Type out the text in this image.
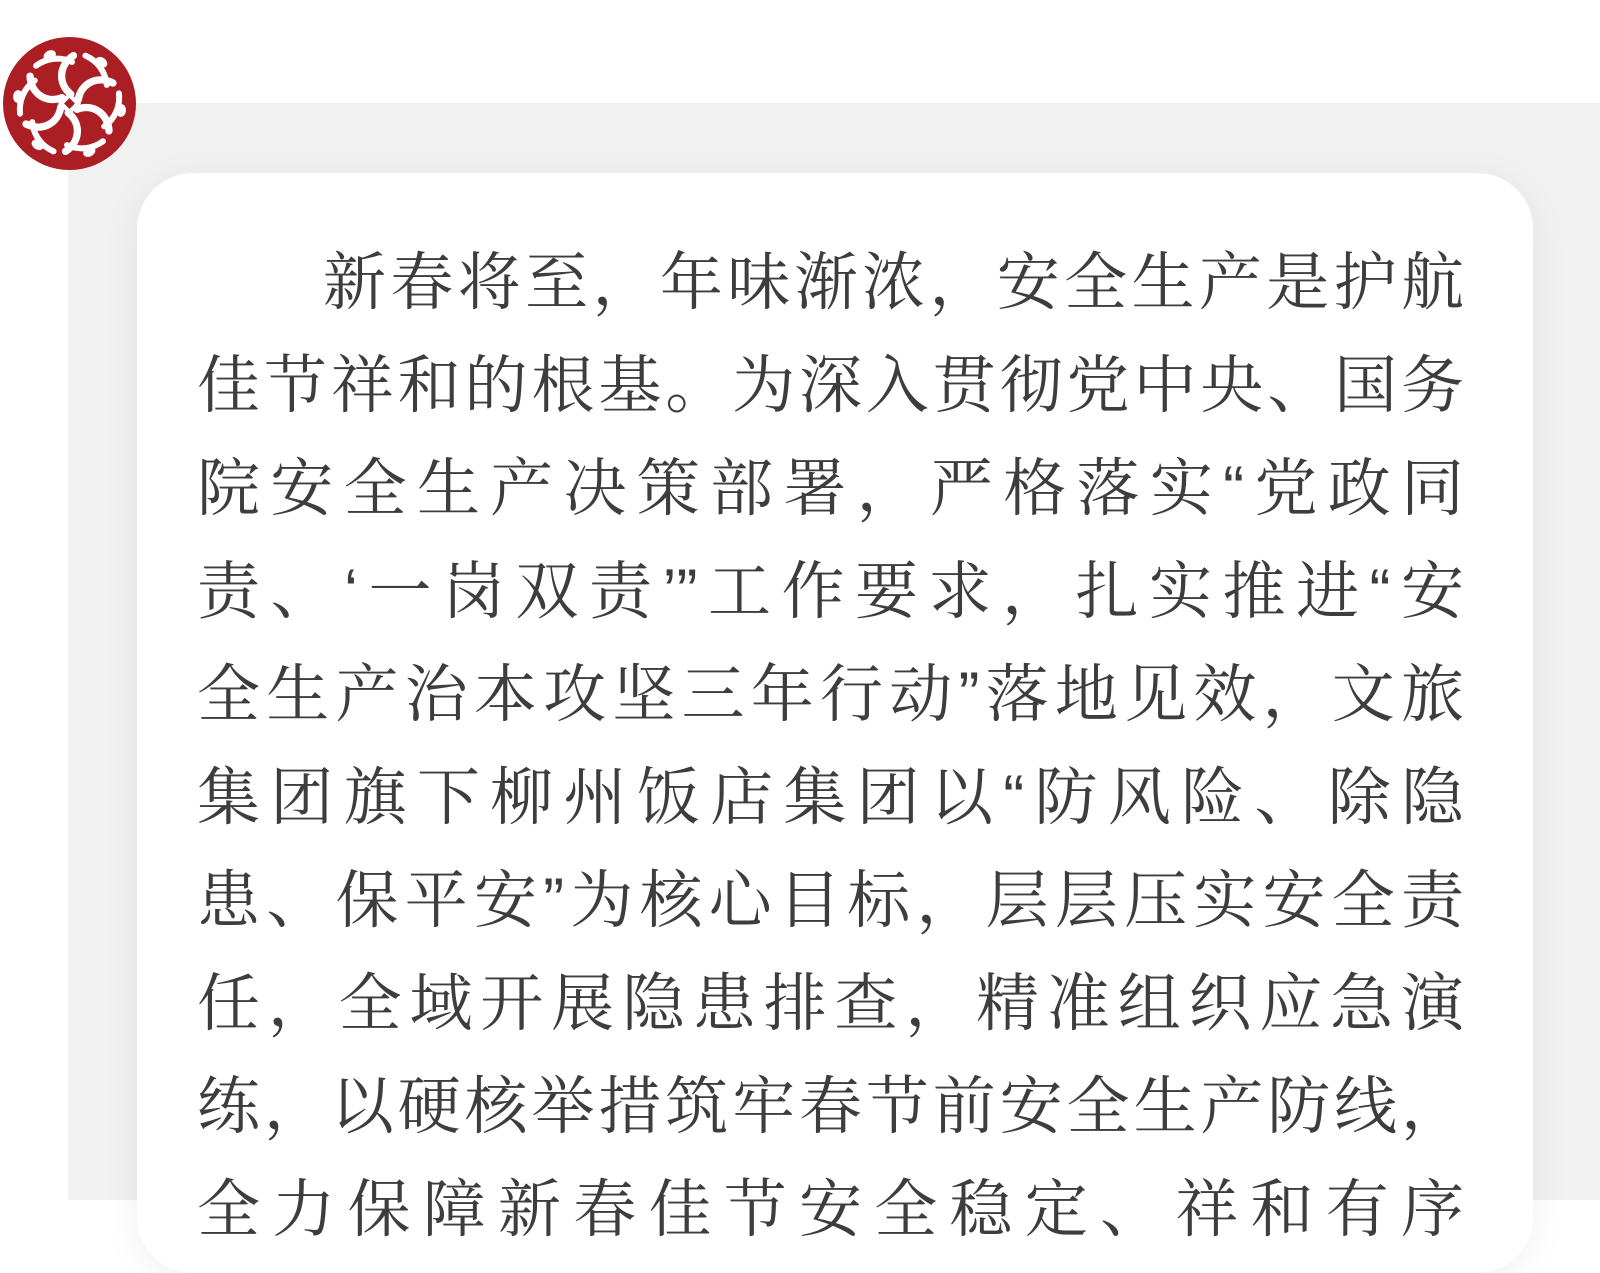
新春将至，年味渐浓，安全生产是护航
佳节祥和的根基。为深入贯彻党中央、国务
院安全生产决策部署，严格落实“党政同
责、‘一岗双责’”工作要求，扎实推进“安
全生产治本攻坚三年行动”落地见效，文旅
集团旗下柳州饭店集团以“防风险、除隐
患、保平安”为核心目标，层层压实安全责
任，全域开展隐患排查，精准组织应急演
练，以硬核举措筑牢春节前安全生产防线，
全力保障新春佳节安全稳定、祥和有序
